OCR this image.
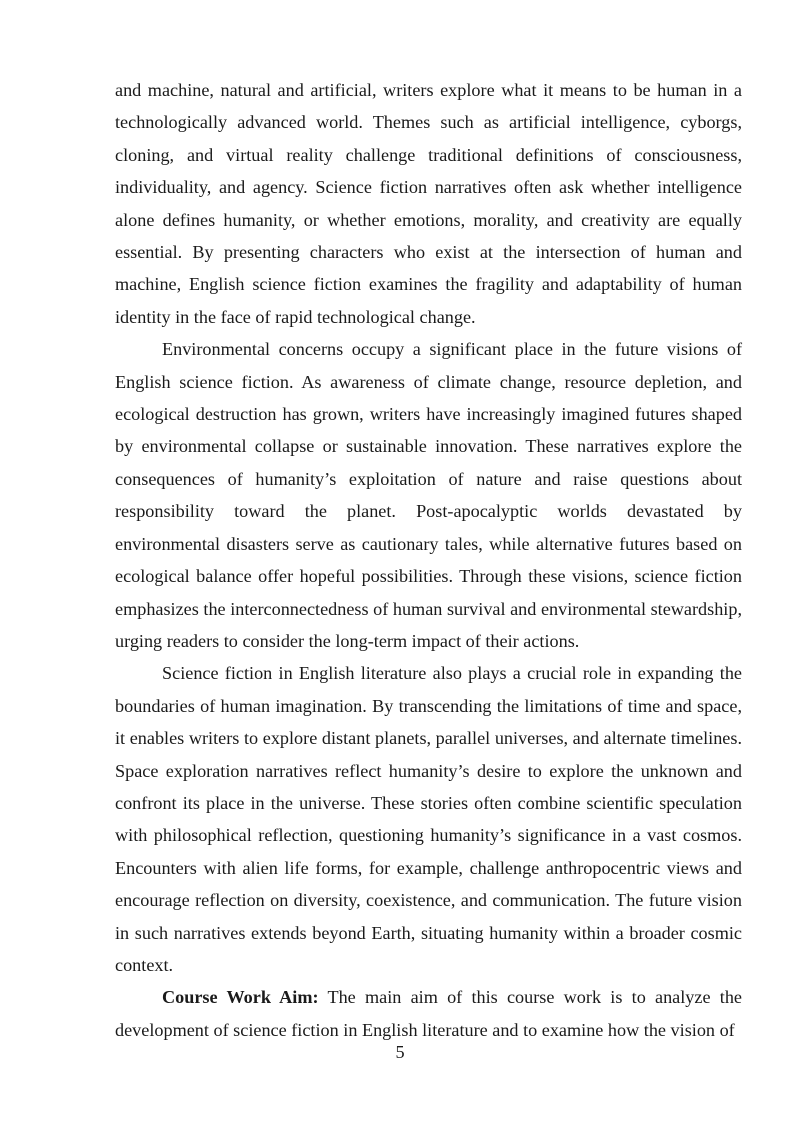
and machine, natural and artificial, writers explore what it means to be human in a technologically advanced world. Themes such as artificial intelligence, cyborgs, cloning, and virtual reality challenge traditional definitions of consciousness, individuality, and agency. Science fiction narratives often ask whether intelligence alone defines humanity, or whether emotions, morality, and creativity are equally essential. By presenting characters who exist at the intersection of human and machine, English science fiction examines the fragility and adaptability of human identity in the face of rapid technological change.

Environmental concerns occupy a significant place in the future visions of English science fiction. As awareness of climate change, resource depletion, and ecological destruction has grown, writers have increasingly imagined futures shaped by environmental collapse or sustainable innovation. These narratives explore the consequences of humanity’s exploitation of nature and raise questions about responsibility toward the planet. Post-apocalyptic worlds devastated by environmental disasters serve as cautionary tales, while alternative futures based on ecological balance offer hopeful possibilities. Through these visions, science fiction emphasizes the interconnectedness of human survival and environmental stewardship, urging readers to consider the long-term impact of their actions.

Science fiction in English literature also plays a crucial role in expanding the boundaries of human imagination. By transcending the limitations of time and space, it enables writers to explore distant planets, parallel universes, and alternate timelines. Space exploration narratives reflect humanity’s desire to explore the unknown and confront its place in the universe. These stories often combine scientific speculation with philosophical reflection, questioning humanity’s significance in a vast cosmos. Encounters with alien life forms, for example, challenge anthropocentric views and encourage reflection on diversity, coexistence, and communication. The future vision in such narratives extends beyond Earth, situating humanity within a broader cosmic context.

Course Work Aim: The main aim of this course work is to analyze the development of science fiction in English literature and to examine how the vision of

5
